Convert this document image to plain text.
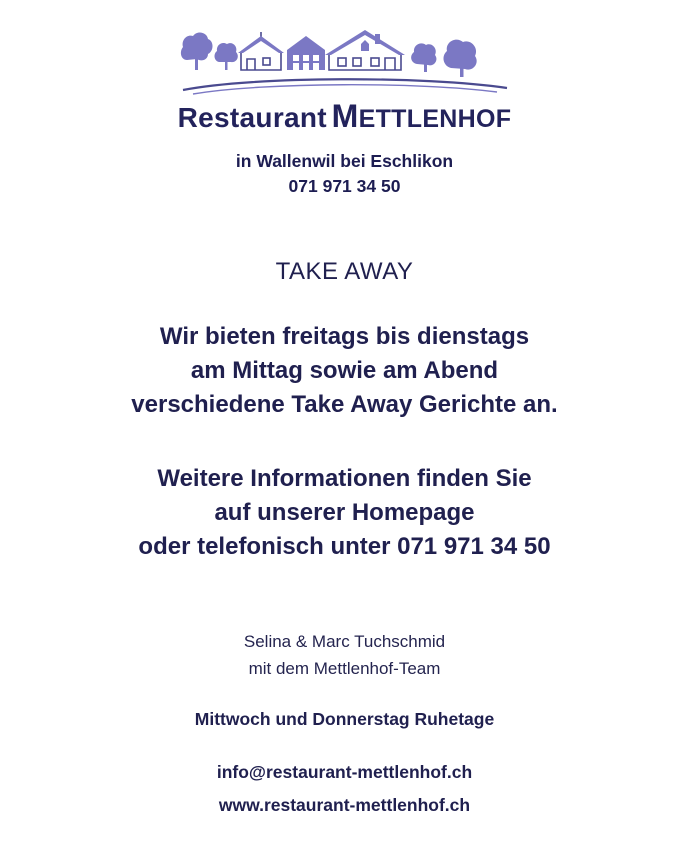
Restaurant METTLENHOF
in Wallenwil bei Eschlikon
071 971 34 50
TAKE AWAY
Wir bieten freitags bis dienstags
am Mittag sowie am Abend
verschiedene Take Away Gerichte an.
Weitere Informationen finden Sie
auf unserer Homepage
oder telefonisch unter 071 971 34 50
Selina & Marc Tuchschmid
mit dem Mettlenhof-Team
Mittwoch und Donnerstag Ruhetage
info@restaurant-mettlenhof.ch
www.restaurant-mettlenhof.ch
